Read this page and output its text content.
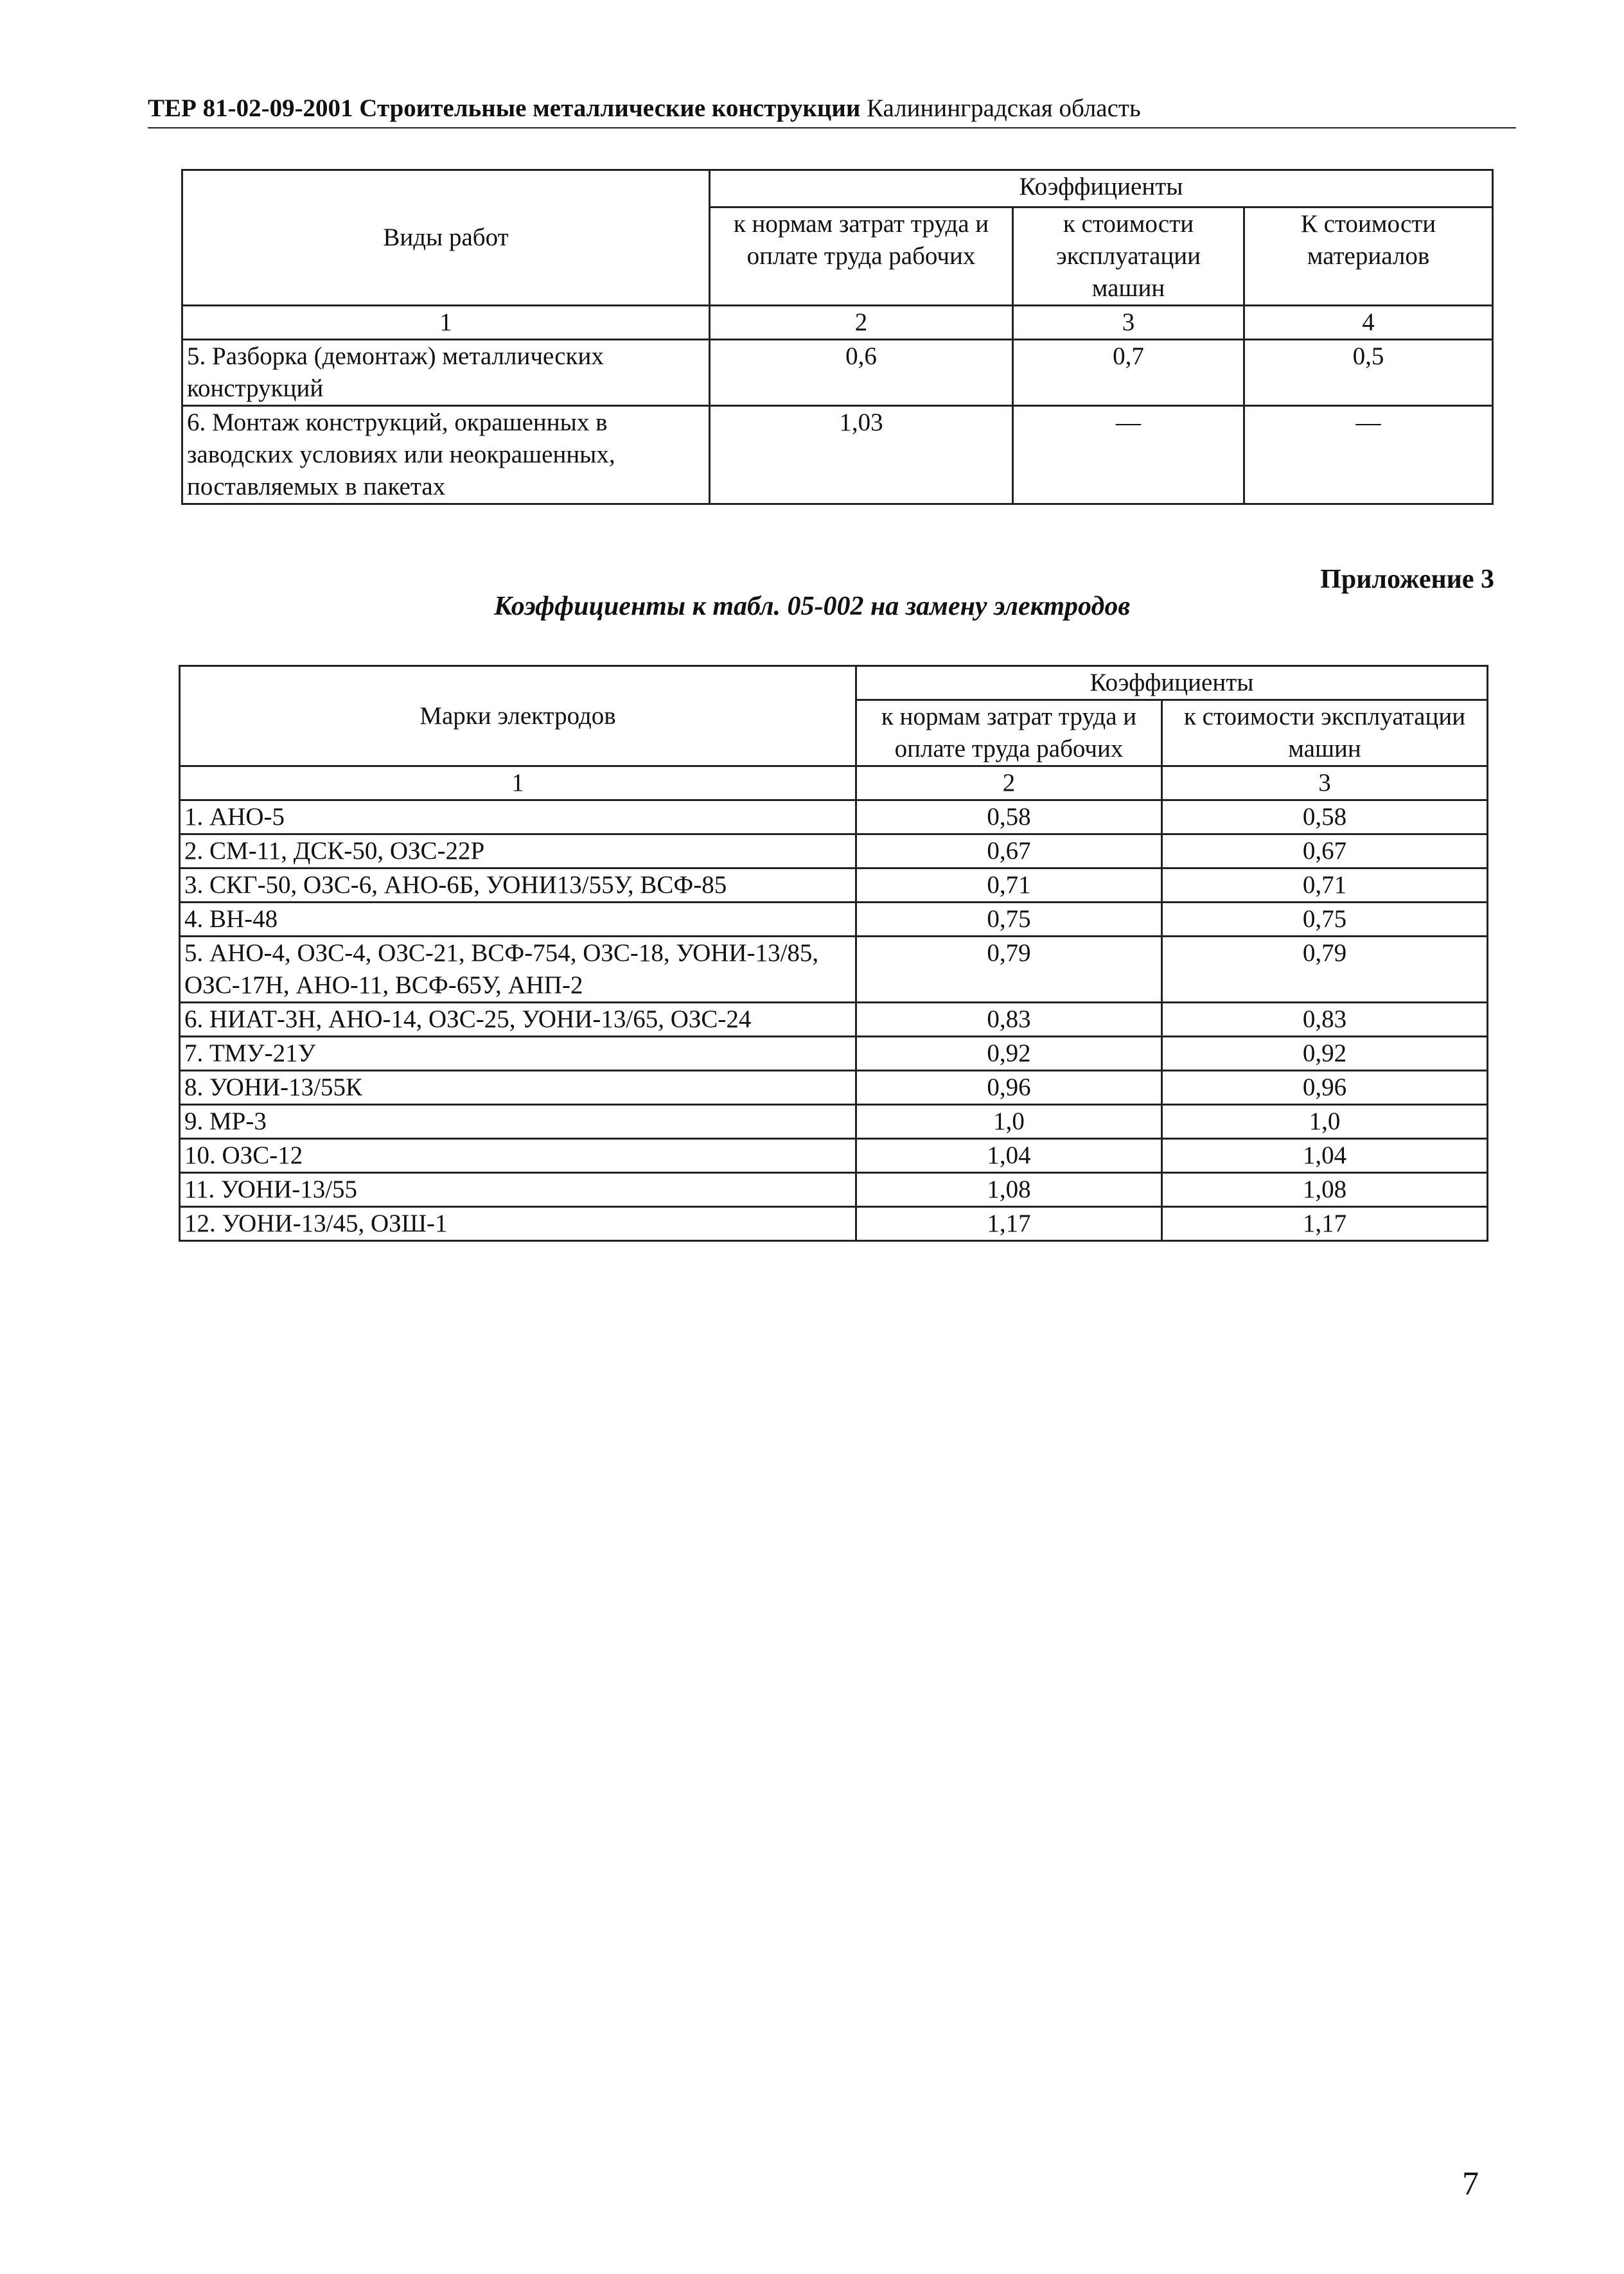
ТЕР 81-02-09-2001 Строительные металлические конструкции Калининградская область
Виды работ	Коэффициенты		
	к нормам затрат труда и оплате труда рабочих	к стоимости эксплуатации машин	К стоимости материалов
1	2	3	4
5. Разборка (демонтаж) металлических конструкций	0,6	0,7	0,5
6. Монтаж конструкций, окрашенных в заводских условиях или неокрашенных, поставляемых в пакетах	1,03	—	—
Приложение 3
Коэффициенты к табл. 05-002 на замену электродов
Марки электродов	Коэффициенты	
	к нормам затрат труда и оплате труда рабочих	к стоимости эксплуатации машин
1	2	3
1. АНО-5	0,58	0,58
2. СМ-11, ДСК-50, ОЗС-22Р	0,67	0,67
3. СКГ-50, ОЗС-6, АНО-6Б, УОНИ13/55У, ВСФ-85	0,71	0,71
4. ВН-48	0,75	0,75
5. АНО-4, ОЗС-4, ОЗС-21, ВСФ-754, ОЗС-18, УОНИ-13/85, ОЗС-17Н, АНО-11, ВСФ-65У, АНП-2	0,79	0,79
6. НИАТ-3Н, АНО-14, ОЗС-25, УОНИ-13/65, ОЗС-24	0,83	0,83
7. ТМУ-21У	0,92	0,92
8. УОНИ-13/55К	0,96	0,96
9. МР-3	1,0	1,0
10. ОЗС-12	1,04	1,04
11. УОНИ-13/55	1,08	1,08
12. УОНИ-13/45, ОЗШ-1	1,17	1,17
7
